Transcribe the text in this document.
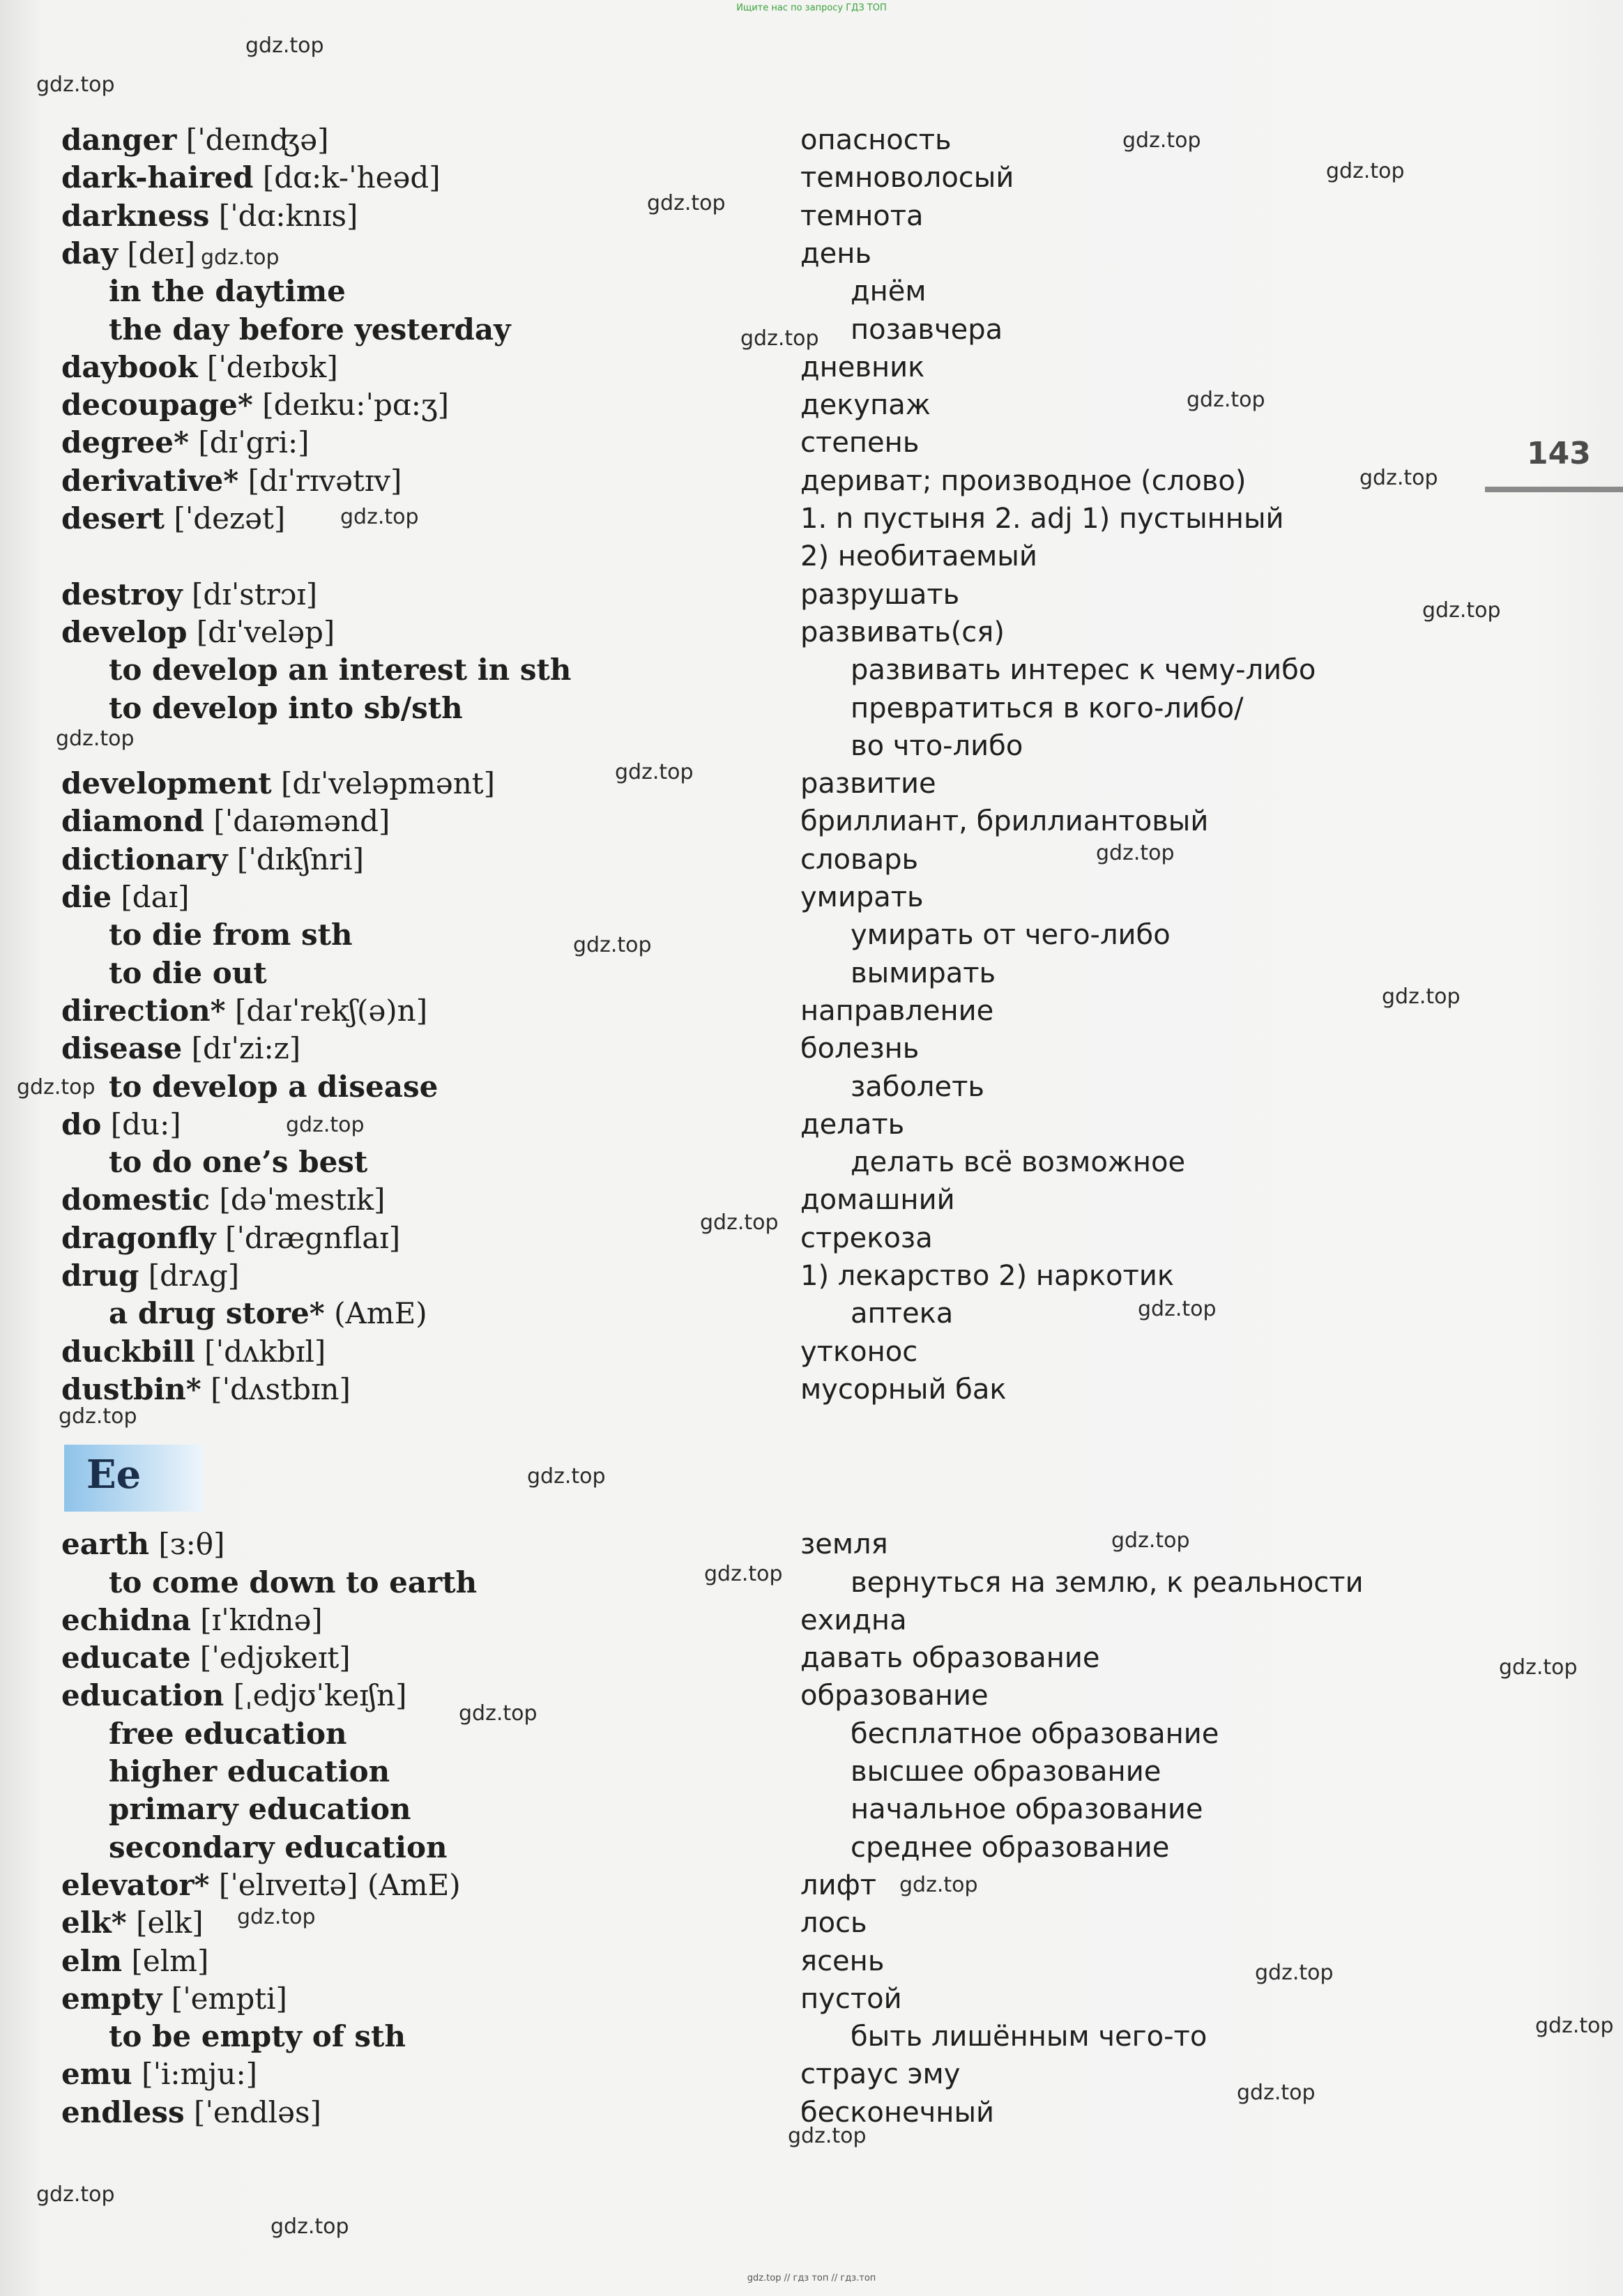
Ищите нас по запросу ГДЗ ТОП
143
Ee
danger [ˈdeɪnʤə]	опасность
dark-haired [dɑ:k-ˈheəd]	темноволосый
darkness [ˈdɑ:knɪs]	темнота
day [deɪ]	день
in the daytime	днём
the day before yesterday	позавчера
daybook [ˈdeɪbʊk]	дневник
decoupage* [deɪku:ˈpɑ:ʒ]	декупаж
degree* [dɪˈgri:]	степень
derivative* [dɪˈrɪvətɪv]	дериват; производное (слово)
desert [ˈdezət]	1. n пустыня 2. adj 1) пустынный
2) необитаемый
destroy [dɪˈstrɔɪ]	разрушать
develop [dɪˈveləp]	развивать(ся)
to develop an interest in sth	развивать интерес к чему-либо
to develop into sb/sth	превратиться в кого-либо/
во что-либо
development [dɪˈveləpmənt]	развитие
diamond [ˈdaɪəmənd]	бриллиант, бриллиантовый
dictionary [ˈdɪkʃnri]	словарь
die [daɪ]	умирать
to die from sth	умирать от чего-либо
to die out	вымирать
direction* [daɪˈrekʃ(ə)n]	направление
disease [dɪˈzi:z]	болезнь
to develop a disease	заболеть
do [du:]	делать
to do one’s best	делать всё возможное
domestic [dəˈmestɪk]	домашний
dragonfly [ˈdrægnflaɪ]	стрекоза
drug [drʌg]	1) лекарство 2) наркотик
a drug store* (AmE)	аптека
duckbill [ˈdʌkbɪl]	утконос
dustbin* [ˈdʌstbɪn]	мусорный бак
earth [з:θ]	земля
to come down to earth	вернуться на землю, к реальности
echidna [ɪˈkɪdnə]	ехидна
educate [ˈedjʊkeɪt]	давать образование
education [ˌedjʊˈkeɪʃn]	образование
free education	бесплатное образование
higher education	высшее образование
primary education	начальное образование
secondary education	среднее образование
elevator* [ˈelɪveɪtə] (AmE)	лифт
elk* [elk]	лось
elm [elm]	ясень
empty [ˈempti]	пустой
to be empty of sth	быть лишённым чего-то
emu [ˈi:mju:]	страус эму
endless [ˈendləs]	бесконечный
gdz.top
gdz.top
gdz.top
gdz.top
gdz.top
gdz.top
gdz.top
gdz.top
gdz.top
gdz.top
gdz.top
gdz.top
gdz.top
gdz.top
gdz.top
gdz.top
gdz.top
gdz.top
gdz.top
gdz.top
gdz.top
gdz.top
gdz.top
gdz.top
gdz.top
gdz.top
gdz.top
gdz.top
gdz.top
gdz.top
gdz.top
gdz.top
gdz.top
gdz.top
gdz.top // гдз топ // гдз.топ
